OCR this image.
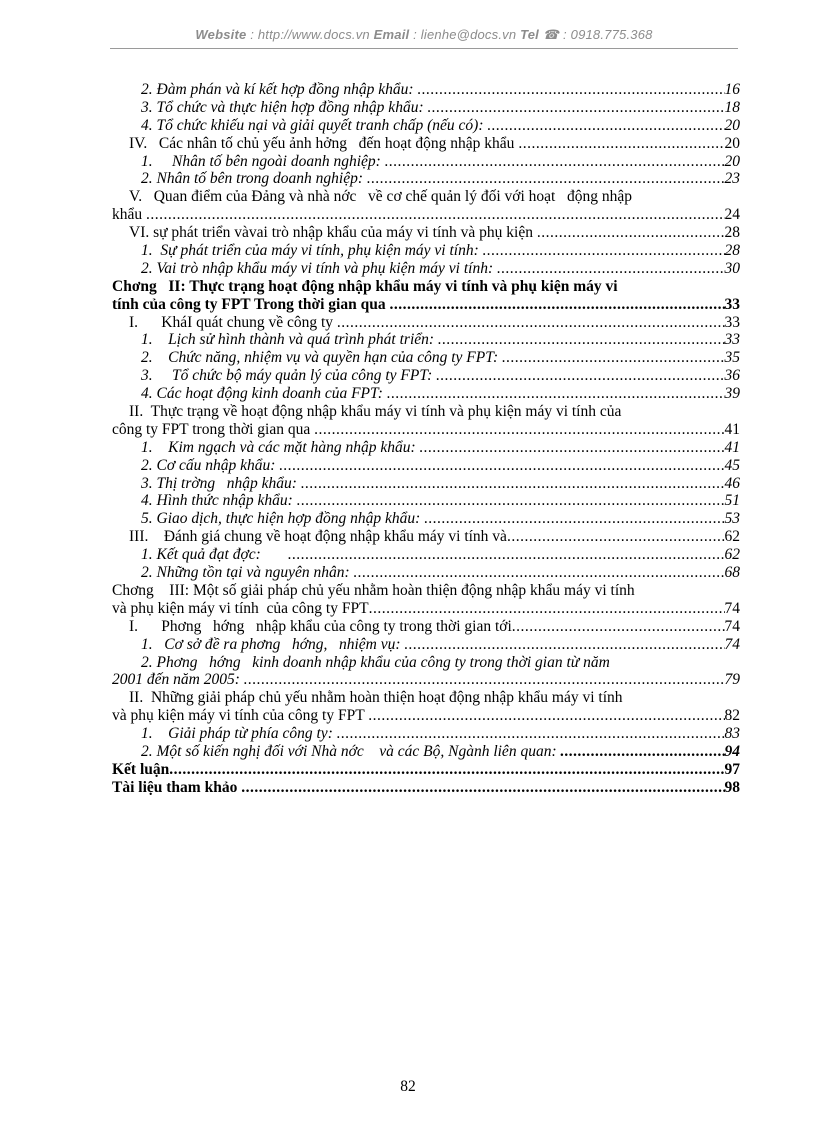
Website : http://www.docs.vn Email : lienhe@docs.vn Tel ☎ : 0918.775.368
2. Đàm phán và kí kết hợp đồng nhập khẩu: .....	16
3. Tổ chức và thực hiện hợp đồng nhập khẩu: .....	18
4. Tổ chức khiếu nại và giải quyết tranh chấp (nếu có): .....	20
IV.   Các nhân tố chủ yếu ảnh hởng   đến hoạt động nhập khẩu .....	20
1.     Nhân tố bên ngoài doanh nghiệp: .....	20
2. Nhân tố bên trong doanh nghiệp: .....	23
V.   Quan điểm của Đảng và nhà nớc   về cơ chế quản lý đối với hoạt   động nhập
khẩu .....	24
VI. sự phát triển vàvai trò nhập khẩu của máy vi tính và phụ kiện .....	28
1.  Sự phát triển của máy vi tính, phụ kiện máy vi tính: .....	28
2. Vai trò nhập khẩu máy vi tính và phụ kiện máy vi tính: .....	30
Chơng   II: Thực trạng hoạt động nhập khẩu máy vi tính và phụ kiện máy vi
tính của công ty FPT Trong thời gian qua .....	33
I.      KháI quát chung về công ty .....	33
1.    Lịch sử hình thành và quá trình phát triển: .....	33
2.    Chức năng, nhiệm vụ và quyền hạn của công ty FPT: .....	35
3.     Tổ chức bộ máy quản lý của công ty FPT: .....	36
4. Các hoạt động kinh doanh của FPT: .....	39
II.  Thực trạng về hoạt động nhập khẩu máy vi tính và phụ kiện máy vi tính của
công ty FPT trong thời gian qua .....	41
1.    Kim ngạch và các mặt hàng nhập khẩu: .....	41
2. Cơ cấu nhập khẩu: .....	45
3. Thị trờng   nhập khẩu: .....	46
4. Hình thức nhập khẩu: .....	51
5. Giao dịch, thực hiện hợp đồng nhập khẩu: .....	53
III.    Đánh giá chung về hoạt động nhập khẩu máy vi tính và .....	62
1. Kết quả đạt đợc: .....	62
2. Những tồn tại và nguyên nhân: .....	68
Chơng    III: Một số giải pháp chủ yếu nhằm hoàn thiện động nhập khẩu máy vi tính
và phụ kiện máy vi tính  của công ty FPT .....	74
I.      Phơng   hớng   nhập khẩu của công ty trong thời gian tới .....	74
1.   Cơ sở đề ra phơng   hớng,   nhiệm vụ: .....	74
2. Phơng   hớng   kinh doanh nhập khẩu của công ty trong thời gian từ năm
2001 đến năm 2005: .....	79
II.  Những giải pháp chủ yếu nhằm hoàn thiện hoạt động nhập khẩu máy vi tính
và phụ kiện máy vi tính của công ty FPT .....	82
1.    Giải pháp từ phía công ty: .....	83
2. Một số kiến nghị đối với Nhà nớc    và các Bộ, Ngành liên quan: .....	94
Kết luận .....	97
Tài liệu tham khảo .....	98
82
